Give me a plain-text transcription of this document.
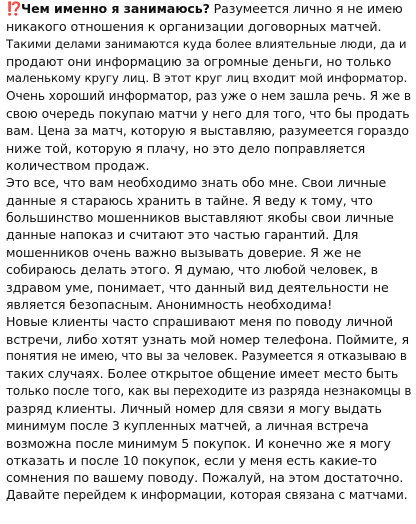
⁉️Чем именно я занимаюсь? Разумеется лично я не имею
никакого отношения к организации договорных матчей.
Такими делами занимаются куда более влиятельные люди, да и
продают они информацию за огромные деньги, но только
маленькому кругу лиц. В этот круг лиц входит мой информатор.
Очень хороший информатор, раз уже о нем зашла речь. Я же в
свою очередь покупаю матчи у него для того, что бы продать
вам. Цена за матч, которую я выставляю, разумеется гораздо
ниже той, которую я плачу, но это дело поправляется
количеством продаж.
Это все, что вам необходимо знать обо мне. Свои личные
данные я стараюсь хранить в тайне. Я веду к тому, что
большинство мошенников выставляют якобы свои личные
данные напоказ и считают это частью гарантий. Для
мошенников очень важно вызывать доверие. Я же не
собираюсь делать этого. Я думаю, что любой человек, в
здравом уме, понимает, что данный вид деятельности не
является безопасным. Анонимность необходима!
Новые клиенты часто спрашивают меня по поводу личной
встречи, либо хотят узнать мой номер телефона. Поймите, я
понятия не имею, что вы за человек. Разумеется я отказываю в
таких случаях. Более открытое общение имеет место быть
только после того, как вы переходите из разряда незнакомцы в
разряд клиенты. Личный номер для связи я могу выдать
минимум после 3 купленных матчей, а личная встреча
возможна после минимум 5 покупок. И конечно же я могу
отказать и после 10 покупок, если у меня есть какие-то
сомнения по вашему поводу. Пожалуй, на этом достаточно.
Давайте перейдем к информации, которая связана с матчами.
